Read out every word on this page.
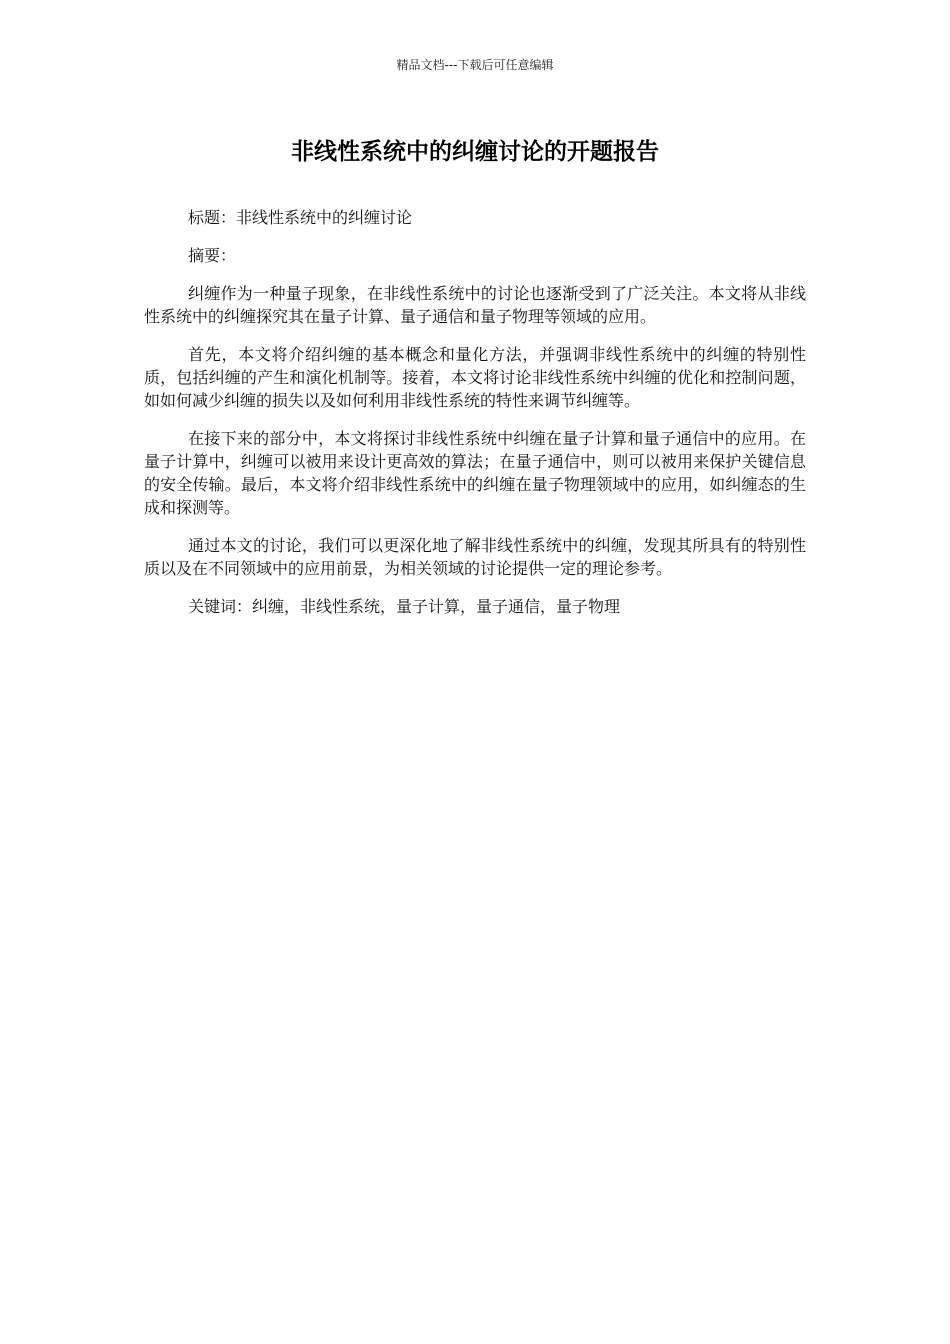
精品文档---下载后可任意编辑
非线性系统中的纠缠讨论的开题报告

标题：非线性系统中的纠缠讨论

摘要：

纠缠作为一种量子现象，在非线性系统中的讨论也逐渐受到了广泛关注。本文将从非线性系统中的纠缠探究其在量子计算、量子通信和量子物理等领域的应用。

首先，本文将介绍纠缠的基本概念和量化方法，并强调非线性系统中的纠缠的特别性质，包括纠缠的产生和演化机制等。接着，本文将讨论非线性系统中纠缠的优化和控制问题，如如何减少纠缠的损失以及如何利用非线性系统的特性来调节纠缠等。

在接下来的部分中，本文将探讨非线性系统中纠缠在量子计算和量子通信中的应用。在量子计算中，纠缠可以被用来设计更高效的算法；在量子通信中，则可以被用来保护关键信息的安全传输。最后，本文将介绍非线性系统中的纠缠在量子物理领域中的应用，如纠缠态的生成和探测等。

通过本文的讨论，我们可以更深化地了解非线性系统中的纠缠，发现其所具有的特别性质以及在不同领域中的应用前景，为相关领域的讨论提供一定的理论参考。

关键词：纠缠，非线性系统，量子计算，量子通信，量子物理
